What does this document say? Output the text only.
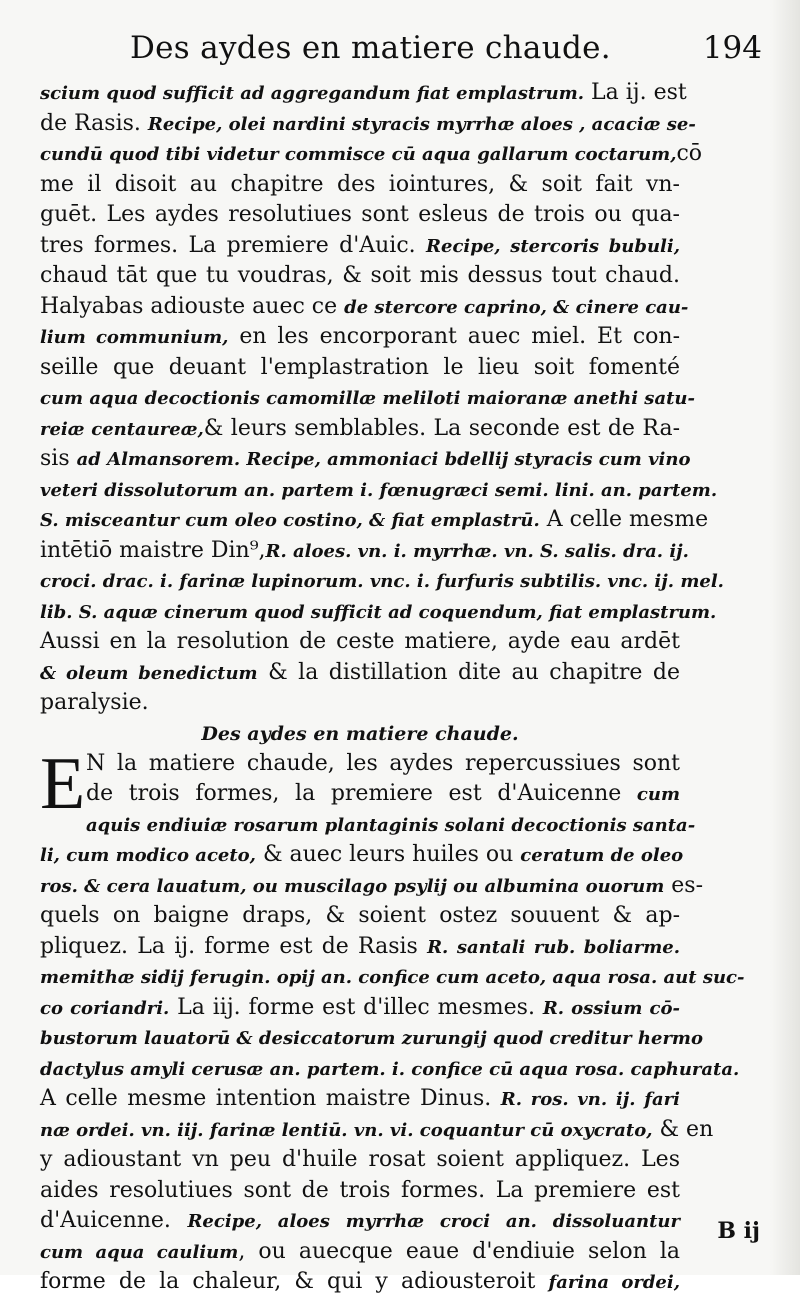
Des aydes en matiere chaude.	194
scium quod sufficit ad aggregandum fiat emplastrum. La ij. est
de Rasis. Recipe, olei nardini styracis myrrhæ aloes , acaciæ se-
cundū quod tibi videtur commisce cū aqua gallarum coctarum,cō
me il disoit au chapitre des iointures, & soit fait vn-
guēt. Les aydes resolutiues sont esleus de trois ou qua-
tres formes. La premiere d'Auic. Recipe, stercoris bubuli,
chaud tāt que tu voudras, & soit mis dessus tout chaud.
Halyabas adiouste auec ce de stercore caprino, & cinere cau-
lium communium, en les encorporant auec miel. Et con-
seille que deuant l'emplastration le lieu soit fomenté
cum aqua decoctionis camomillæ meliloti maioranæ anethi satu-
reiæ centaureæ,& leurs semblables. La seconde est de Ra-
sis ad Almansorem. Recipe, ammoniaci bdellij styracis cum vino
veteri dissolutorum an. partem i. fœnugræci semi. lini. an. partem.
S. misceantur cum oleo costino, & fiat emplastrū. A celle mesme
intētiō maistre Din⁹,R. aloes. vn. i. myrrhæ. vn. S. salis. dra. ij.
croci. drac. i. farinæ lupinorum. vnc. i. furfuris subtilis. vnc. ij. mel.
lib. S. aquæ cinerum quod sufficit ad coquendum, fiat emplastrum.
Aussi en la resolution de ceste matiere, ayde eau ardēt
& oleum benedictum & la distillation dite au chapitre de
paralysie.
Des aydes en matiere chaude.
E N la matiere chaude, les aydes repercussiues sont
de trois formes, la premiere est d'Auicenne cum
aquis endiuiæ rosarum plantaginis solani decoctionis santa-
li, cum modico aceto, & auec leurs huiles ou ceratum de oleo
ros. & cera lauatum, ou muscilago psylij ou albumina ouorum es-
quels on baigne draps, & soient ostez souuent & ap-
pliquez. La ij. forme est de Rasis R. santali rub. boliarme.
memithæ sidij ferugin. opij an. confice cum aceto, aqua rosa. aut suc-
co coriandri. La iij. forme est d'illec mesmes. R. ossium cō-
bustorum lauatorū & desiccatorum zurungij quod creditur hermo
dactylus amyli cerusæ an. partem. i. confice cū aqua rosa. caphurata.
A celle mesme intention maistre Dinus. R. ros. vn. ij. fari
næ ordei. vn. iij. farinæ lentiū. vn. vi. coquantur cū oxycrato, & en
y adioustant vn peu d'huile rosat soient appliquez. Les
aides resolutiues sont de trois formes. La premiere est
d'Auicenne. Recipe, aloes myrrhæ croci an. dissoluantur
cum aqua caulium, ou auecque eaue d'endiuie selon la
forme de la chaleur, & qui y adiousteroit farina ordei,
B ij
